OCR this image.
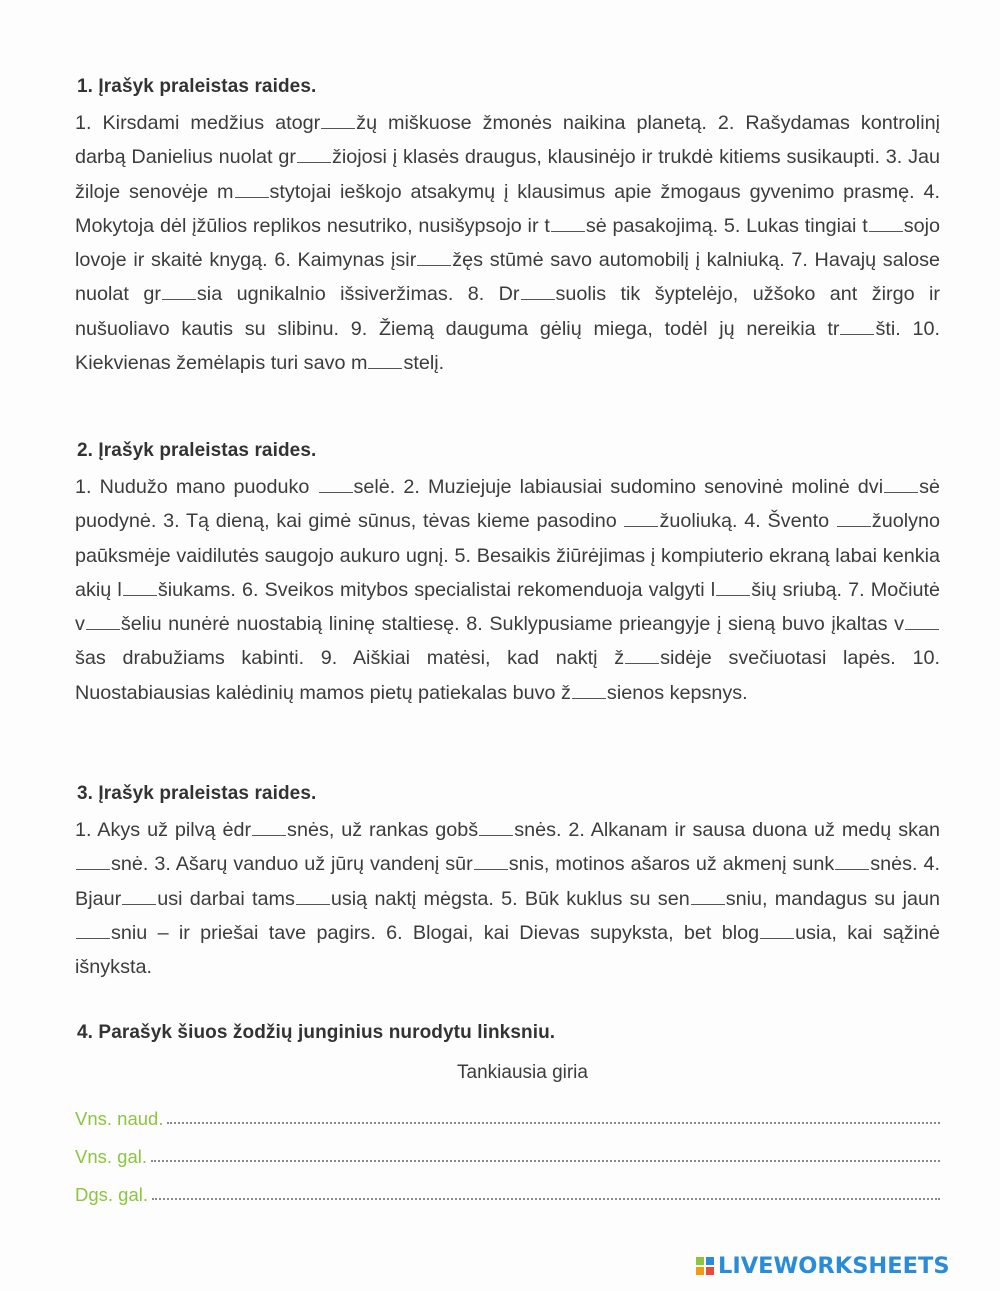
1. Įrašyk praleistas raides.

1. Kirsdami medžius atogr žų miškuose žmonės naikina planetą. 2. Rašydamas kontrolinį darbą Danielius nuolat gr žiojosi į klasės draugus, klausinėjo ir trukdė kitiems susikaupti. 3. Jau žiloje senovėje m stytojai ieškojo atsakymų į klausimus apie žmogaus gyvenimo prasmę. 4. Mokytoja dėl įžūlios replikos nesutriko, nusišypsojo ir t sė pasakojimą. 5. Lukas tingiai t sojo lovoje ir skaitė knygą. 6. Kaimynas įsir žęs stūmė savo automobilį į kalniuką. 7. Havajų salose nuolat gr sia ugnikalnio išsiveržimas. 8. Dr suolis tik šyptelėjo, užšoko ant žirgo ir nušuoliavo kautis su slibinu. 9. Žiemą dauguma gėlių miega, todėl jų nereikia tr šti. 10. Kiekvienas žemėlapis turi savo m stelį.

2. Įrašyk praleistas raides.

1. Nudužo mano puoduko selė. 2. Muziejuje labiausiai sudomino senovinė molinė dvi sė puodynė. 3. Tą dieną, kai gimė sūnus, tėvas kieme pasodino žuoliuką. 4. Švento žuolyno paūksmėje vaidilutės saugojo aukuro ugnį. 5. Besaikis žiūrėjimas į kompiuterio ekraną labai kenkia akių l šiukams. 6. Sveikos mitybos specialistai rekomenduoja valgyti l šių sriubą. 7. Močiutė v šeliu nunėrė nuostabią lininę staltiesę. 8. Suklypusiame prieangyje į sieną buvo įkaltas všas drabužiams kabinti. 9. Aiškiai matėsi, kad naktį ž sidėje svečiuotasi lapės. 10. Nuostabiausias kalėdinių mamos pietų patiekalas buvo ž sienos kepsnys.

3. Įrašyk praleistas raides.

1. Akys už pilvą ėdr snės, už rankas gobš snės. 2. Alkanam ir sausa duona už medų skansnė. 3. Ašarų vanduo už jūrų vandenį sūr snis, motinos ašaros už akmenį sunk snės. 4. Bjaur usi darbai tams usią naktį mėgsta. 5. Būk kuklus su sen sniu, mandagus su jaunsniu – ir priešai tave pagirs. 6. Blogai, kai Dievas supyksta, bet blog usia, kai sąžinė išnyksta.

4. Parašyk šiuos žodžių junginius nurodytu linksniu.
Tankiausia giria
Vns. naud.
Vns. gal.
Dgs. gal.
LIVEWORKSHEETS
